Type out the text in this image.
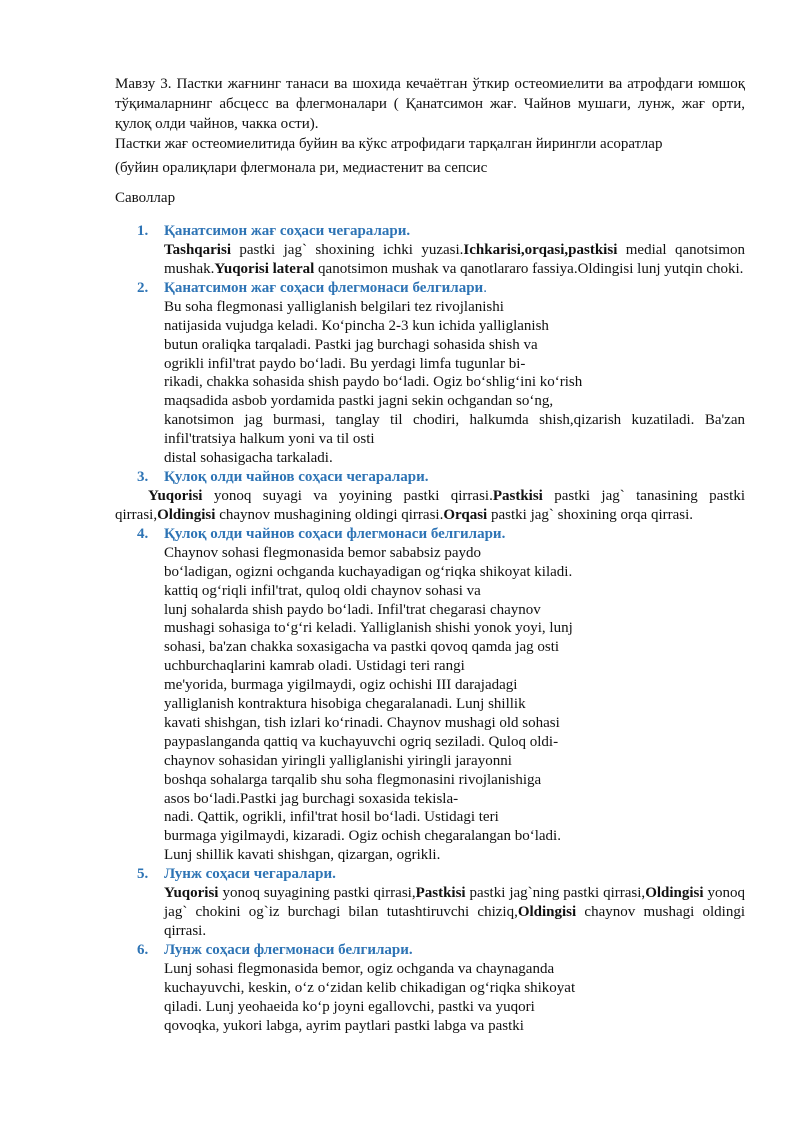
Мавзу 3. Пастки жағнинг танаси ва шохида кечаётган ўткир остеомиелити ва атрофдаги юмшоқ тўқималарнинг абсцесс ва флегмоналари ( Қанатсимон жағ. Чайнов мушаги, лунж, жағ орти, қулоқ олди чайнов, чакка ости).

Пастки жағ остеомиелитида буйин ва кўкс атрофидаги тарқалган йирингли асоратлар

(буйин оралиқлари флегмонала ри, медиастенит ва сепсис

Саволлар

1. Қанатсимон жағ соҳаси чегаралари.

Tashqarisi pastki jag` shoxining ichki yuzasi.Ichkarisi,orqasi,pastkisi medial qanotsimon mushak.Yuqorisi lateral qanotsimon mushak va qanotlararo fassiya.Oldingisi lunj yutqin choki.

2. Қанатсимон жағ соҳаси флегмонаси белгилари.
Bu soha flegmonasi yalliglanish belgilari tez rivojlanishi
natijasida vujudga keladi. Ko‘pincha 2-3 kun ichida yalliglanish
butun oraliqka tarqaladi. Pastki jag burchagi sohasida shish va
ogrikli infil'trat paydo bo‘ladi. Bu yerdagi limfa tugunlar bi-
rikadi, chakka sohasida shish paydo bo‘ladi. Ogiz bo‘shlig‘ini ko‘rish
maqsadida asbob yordamida pastki jagni sekin ochgandan so‘ng,
kanotsimon jag burmasi, tanglay til chodiri, halkumda shish,qizarish kuzatiladi. Ba'zan
infil'tratsiya halkum yoni va til osti
distal sohasigacha tarkaladi.
3. Қулоқ олди чайнов соҳаси чегаралари.

Yuqorisi yonoq suyagi va yoyining pastki qirrasi.Pastkisi pastki jag` tanasining pastki qirrasi,Oldingisi chaynov mushagining oldingi qirrasi.Orqasi pastki jag` shoxining orqa qirrasi.

4. Қулоқ олди чайнов соҳаси флегмонаси белгилари.
Chaynov sohasi flegmonasida bemor sababsiz paydo
bo‘ladigan, ogizni ochganda kuchayadigan og‘riqka shikoyat kiladi.
kattiq og‘riqli infil'trat, quloq oldi chaynov sohasi va
lunj sohalarda shish paydo bo‘ladi. Infil'trat chegarasi chaynov
mushagi sohasiga to‘g‘ri keladi. Yalliglanish shishi yonok yoyi, lunj
sohasi, ba'zan chakka soxasigacha va pastki qovoq qamda jag osti
uchburchaqlarini kamrab oladi. Ustidagi teri rangi
me'yorida, burmaga yigilmaydi, ogiz ochishi III darajadagi
yalliglanish kontraktura hisobiga chegaralanadi. Lunj shillik
kavati shishgan, tish izlari ko‘rinadi. Chaynov mushagi old sohasi
paypaslanganda qattiq va kuchayuvchi ogriq seziladi. Quloq oldi-
chaynov sohasidan yiringli yalliglanishi yiringli jarayonni
boshqa sohalarga tarqalib shu soha flegmonasini rivojlanishiga
asos bo‘ladi.Pastki jag burchagi soxasida tekisla-
nadi. Qattik, ogrikli, infil'trat hosil bo‘ladi. Ustidagi teri
burmaga yigilmaydi, kizaradi. Ogiz ochish chegaralangan bo‘ladi.
Lunj shillik kavati shishgan, qizargan, ogrikli.
5. Лунж соҳаси чегаралари.

Yuqorisi yonoq suyagining pastki qirrasi,Pastkisi pastki jag`ning pastki qirrasi,Oldingisi yonoq jag` chokini og`iz burchagi bilan tutashtiruvchi chiziq,Oldingisi chaynov mushagi oldingi qirrasi.

6. Лунж соҳаси флегмонаси белгилари.
Lunj sohasi flegmonasida bemor, ogiz ochganda va chaynaganda
kuchayuvchi, keskin, o‘z o‘zidan kelib chikadigan og‘riqka shikoyat
qiladi. Lunj yeohaeida ko‘p joyni egallovchi, pastki va yuqori
qovoqka, yukori labga, ayrim paytlari pastki labga va pastki
